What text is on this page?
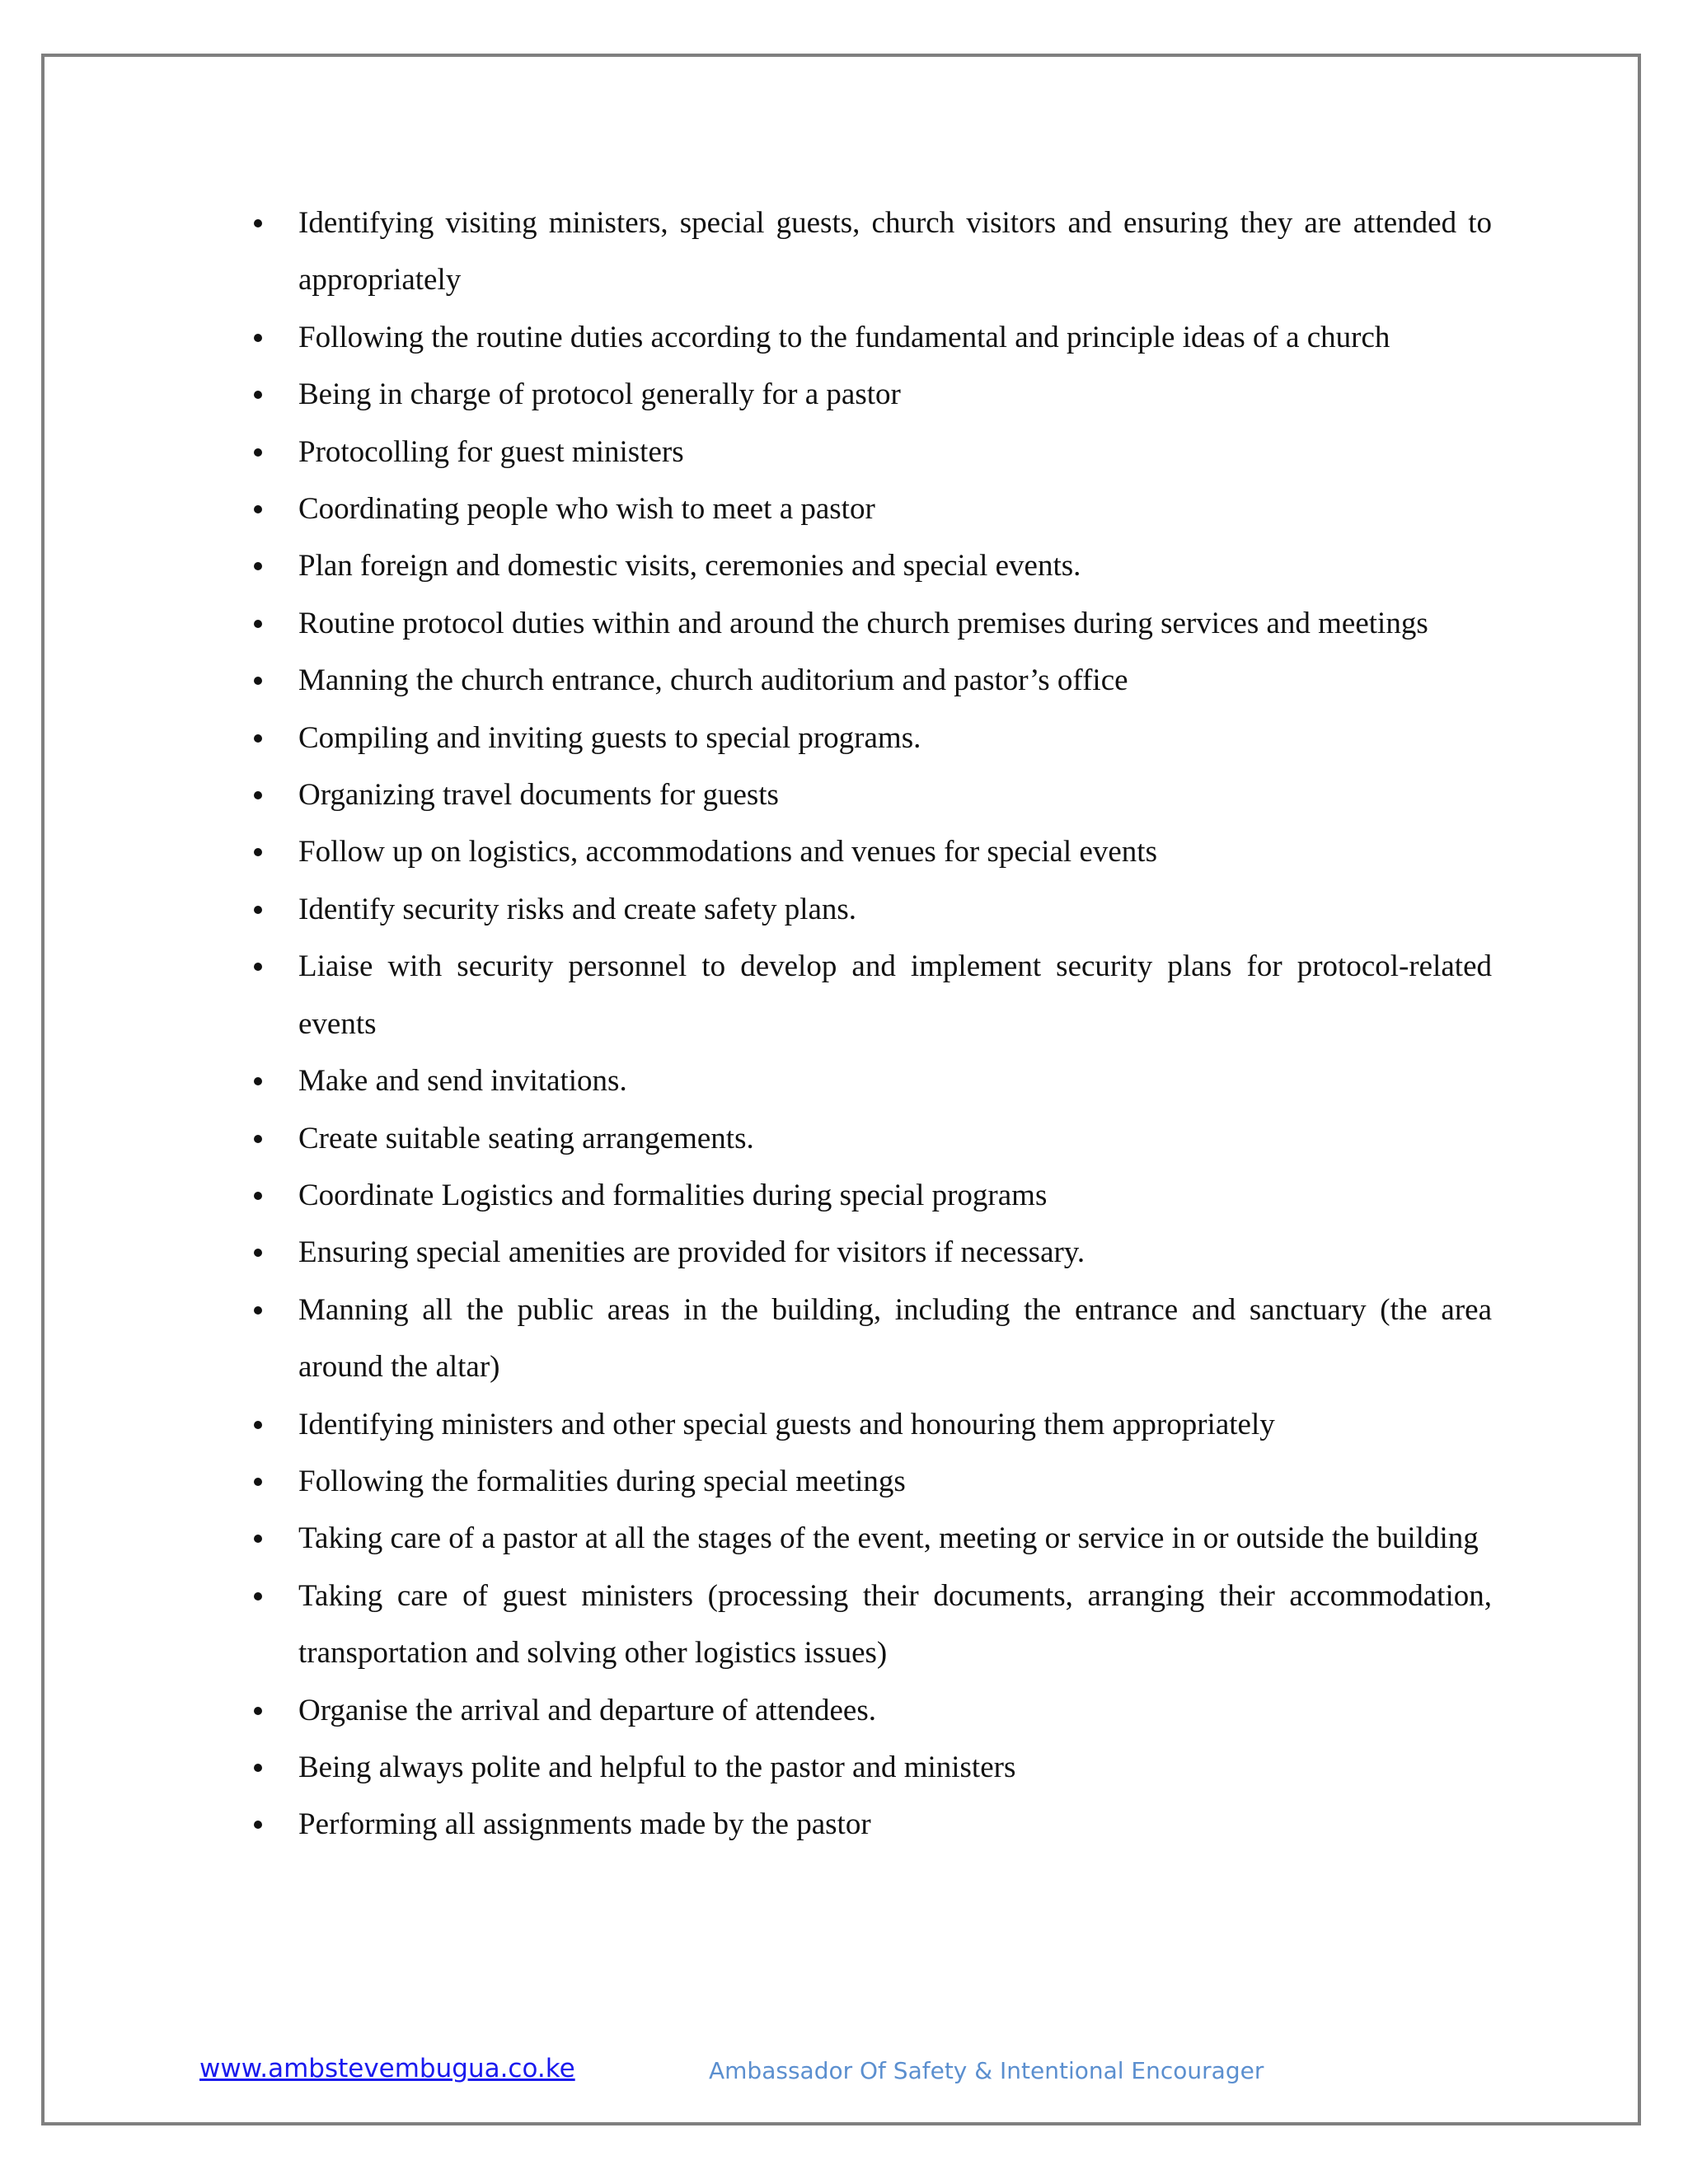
Identifying visiting ministers, special guests, church visitors and ensuring they are attended to appropriately
Following the routine duties according to the fundamental and principle ideas of a church
Being in charge of protocol generally for a pastor
Protocolling for guest ministers
Coordinating people who wish to meet a pastor
Plan foreign and domestic visits, ceremonies and special events.
Routine protocol duties within and around the church premises during services and meetings
Manning the church entrance, church auditorium and pastor’s office
Compiling and inviting guests to special programs.
Organizing travel documents for guests
Follow up on logistics, accommodations and venues for special events
Identify security risks and create safety plans.
Liaise with security personnel to develop and implement security plans for protocol-related events
Make and send invitations.
Create suitable seating arrangements.
Coordinate Logistics and formalities during special programs
Ensuring special amenities are provided for visitors if necessary.
Manning all the public areas in the building, including the entrance and sanctuary (the area around the altar)
Identifying ministers and other special guests and honouring them appropriately
Following the formalities during special meetings
Taking care of a pastor at all the stages of the event, meeting or service in or outside the building
Taking care of guest ministers (processing their documents, arranging their accommodation, transportation and solving other logistics issues)
Organise the arrival and departure of attendees.
Being always polite and helpful to the pastor and ministers
Performing all assignments made by the pastor
www.ambstevembugua.co.ke	Ambassador Of Safety & Intentional Encourager
